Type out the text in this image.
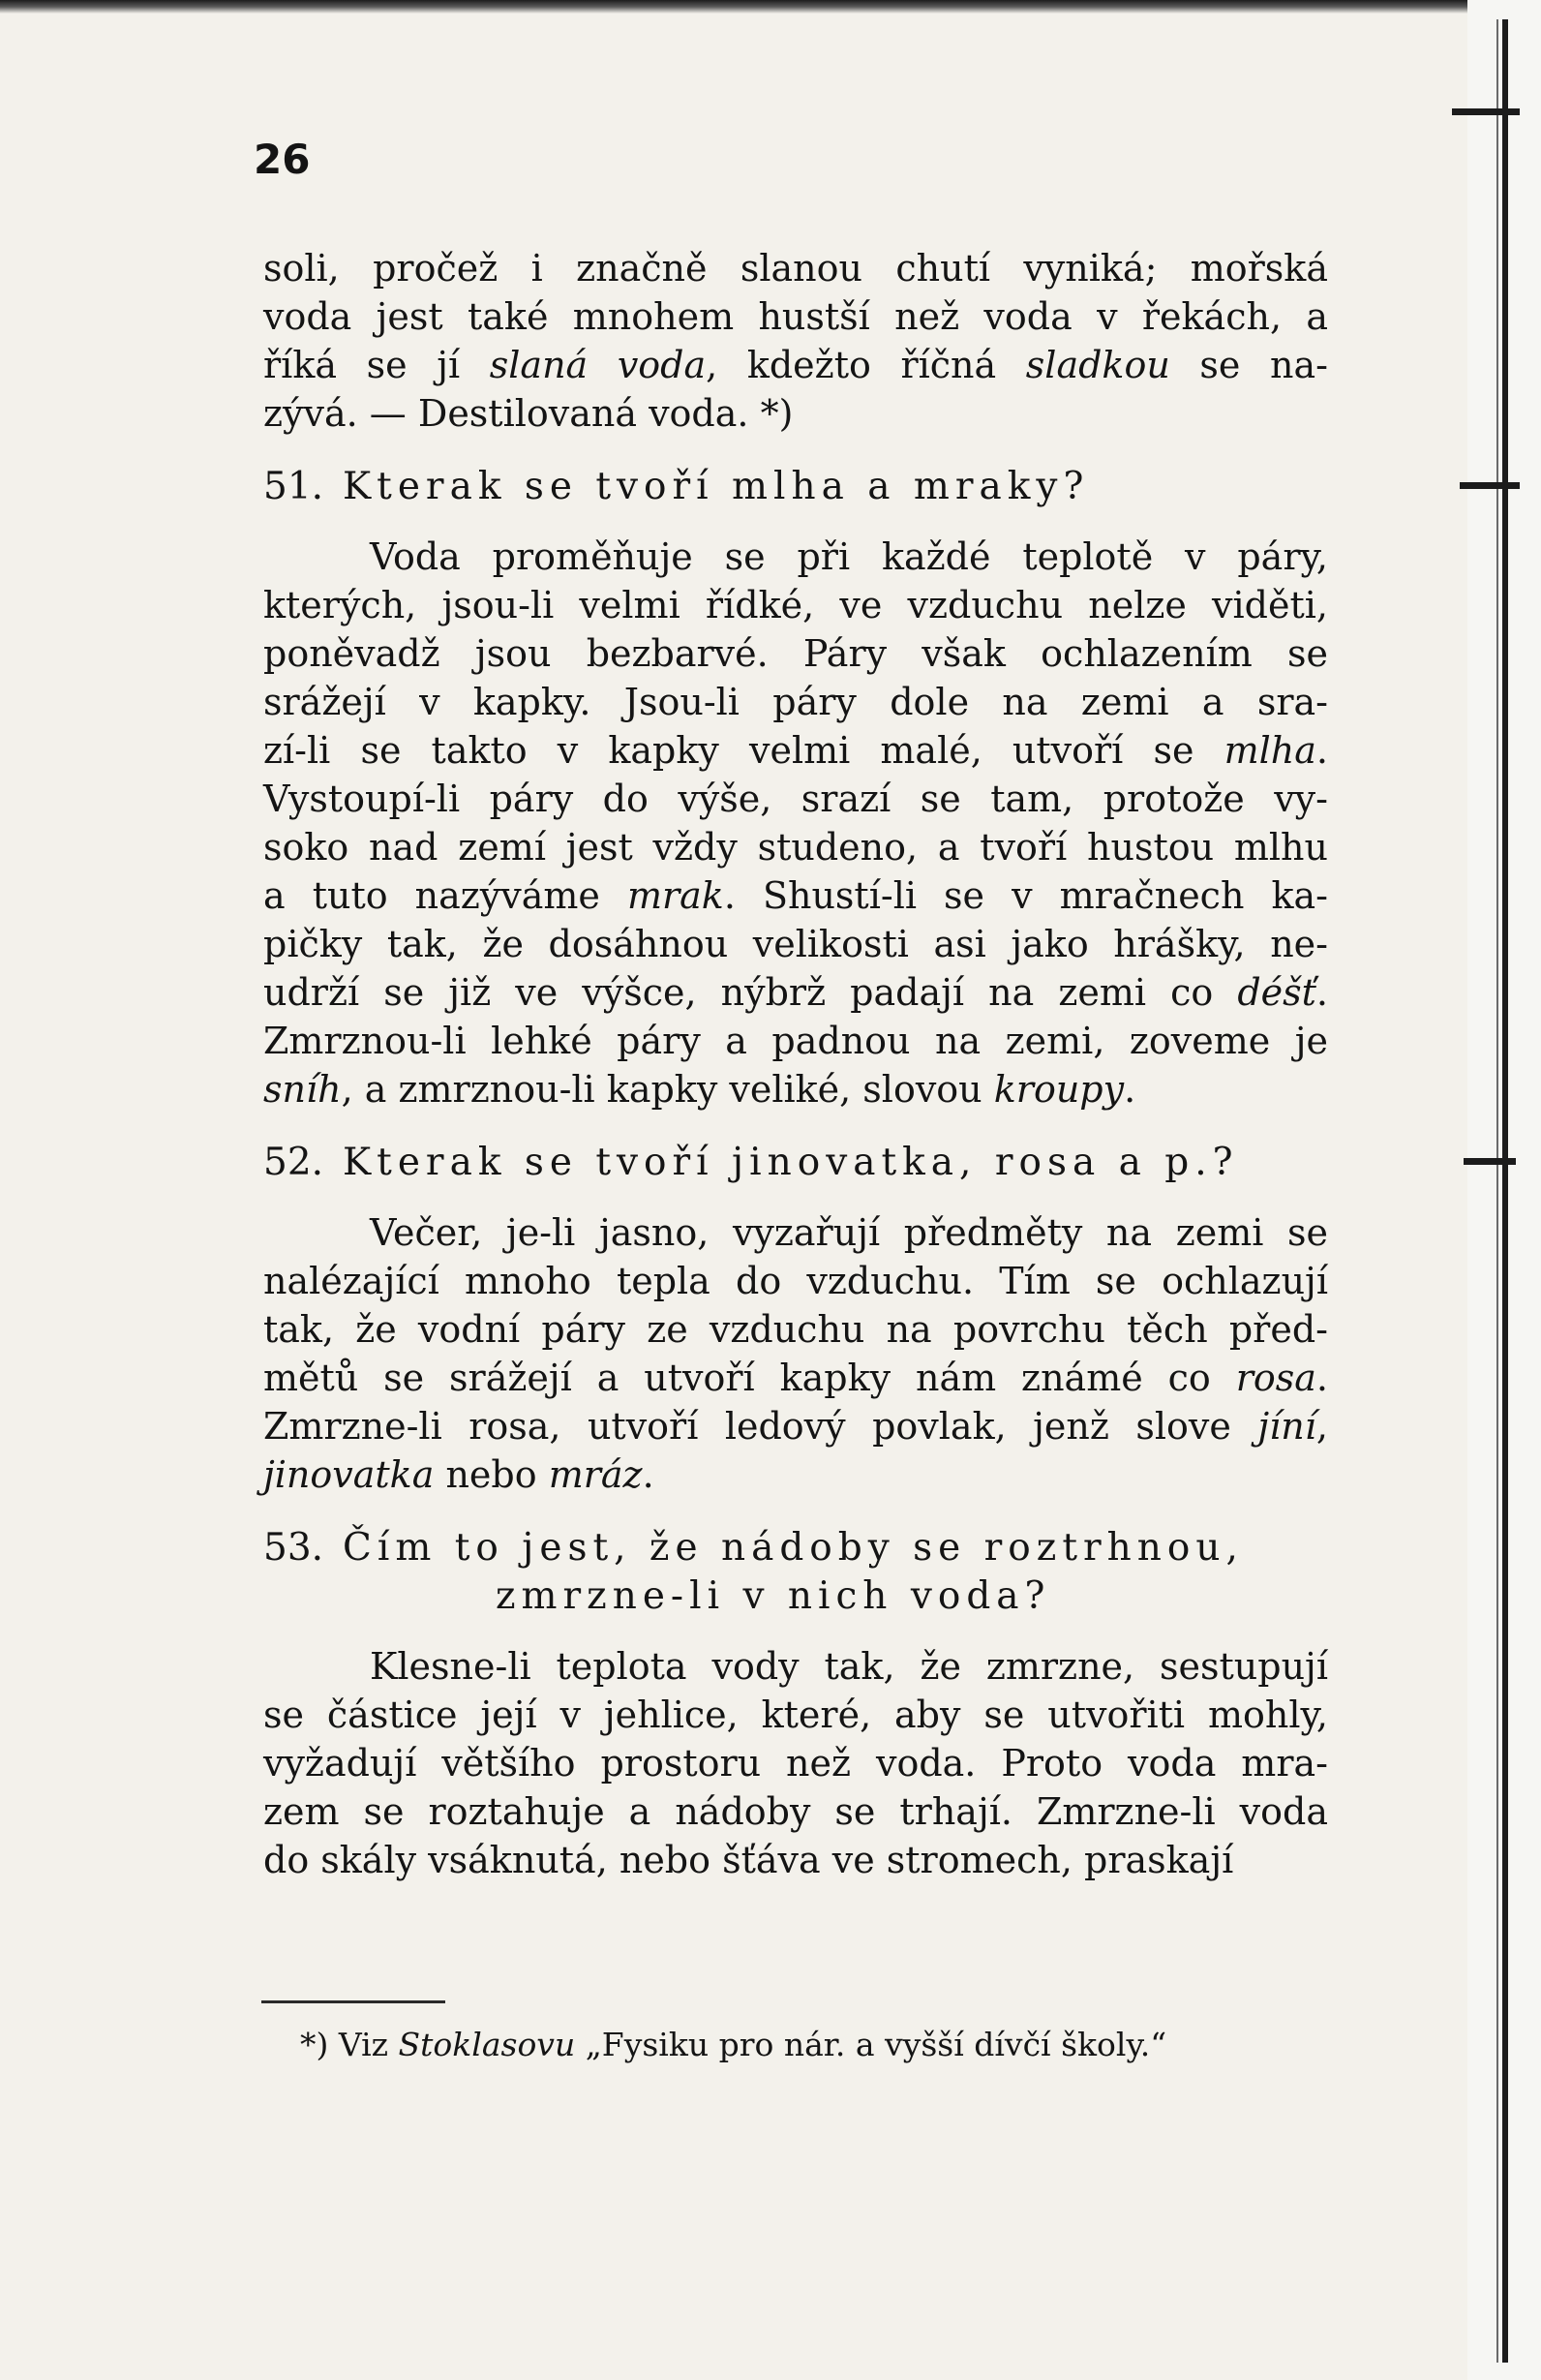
26

soli, pročež i značně slanou chutí vyniká; mořská

voda jest také mnohem hustší než voda v řekách, a

říká se jí slaná voda, kdežto říčná sladkou se na-

zývá. — Destilovaná voda. *)

51. Kterak se tvoří mlha a mraky?

Voda proměňuje se při každé teplotě v páry,

kterých, jsou-li velmi řídké, ve vzduchu nelze viděti,

poněvadž jsou bezbarvé. Páry však ochlazením se

srážejí v kapky. Jsou-li páry dole na zemi a sra-

zí-li se takto v kapky velmi malé, utvoří se mlha.

Vystoupí-li páry do výše, srazí se tam, protože vy-

soko nad zemí jest vždy studeno, a tvoří hustou mlhu

a tuto nazýváme mrak. Shustí-li se v mračnech ka-

pičky tak, že dosáhnou velikosti asi jako hrášky, ne-

udrží se již ve výšce, nýbrž padají na zemi co déšť.

Zmrznou-li lehké páry a padnou na zemi, zoveme je

sníh, a zmrznou-li kapky veliké, slovou kroupy.

52. Kterak se tvoří jinovatka, rosa a p.?

Večer, je-li jasno, vyzařují předměty na zemi se

nalézající mnoho tepla do vzduchu. Tím se ochlazují

tak, že vodní páry ze vzduchu na povrchu těch před-

mětů se srážejí a utvoří kapky nám známé co rosa.

Zmrzne-li rosa, utvoří ledový povlak, jenž slove jíní,

jinovatka nebo mráz.

53. Čím to jest, že nádoby se roztrhnou,
zmrzne-li v nich voda?

Klesne-li teplota vody tak, že zmrzne, sestupují

se částice její v jehlice, které, aby se utvořiti mohly,

vyžadují většího prostoru než voda. Proto voda mra-

zem se roztahuje a nádoby se trhají. Zmrzne-li voda

do skály vsáknutá, nebo šťáva ve stromech, praskají

*) Viz Stoklasovu „Fysiku pro nár. a vyšší dívčí školy.“
